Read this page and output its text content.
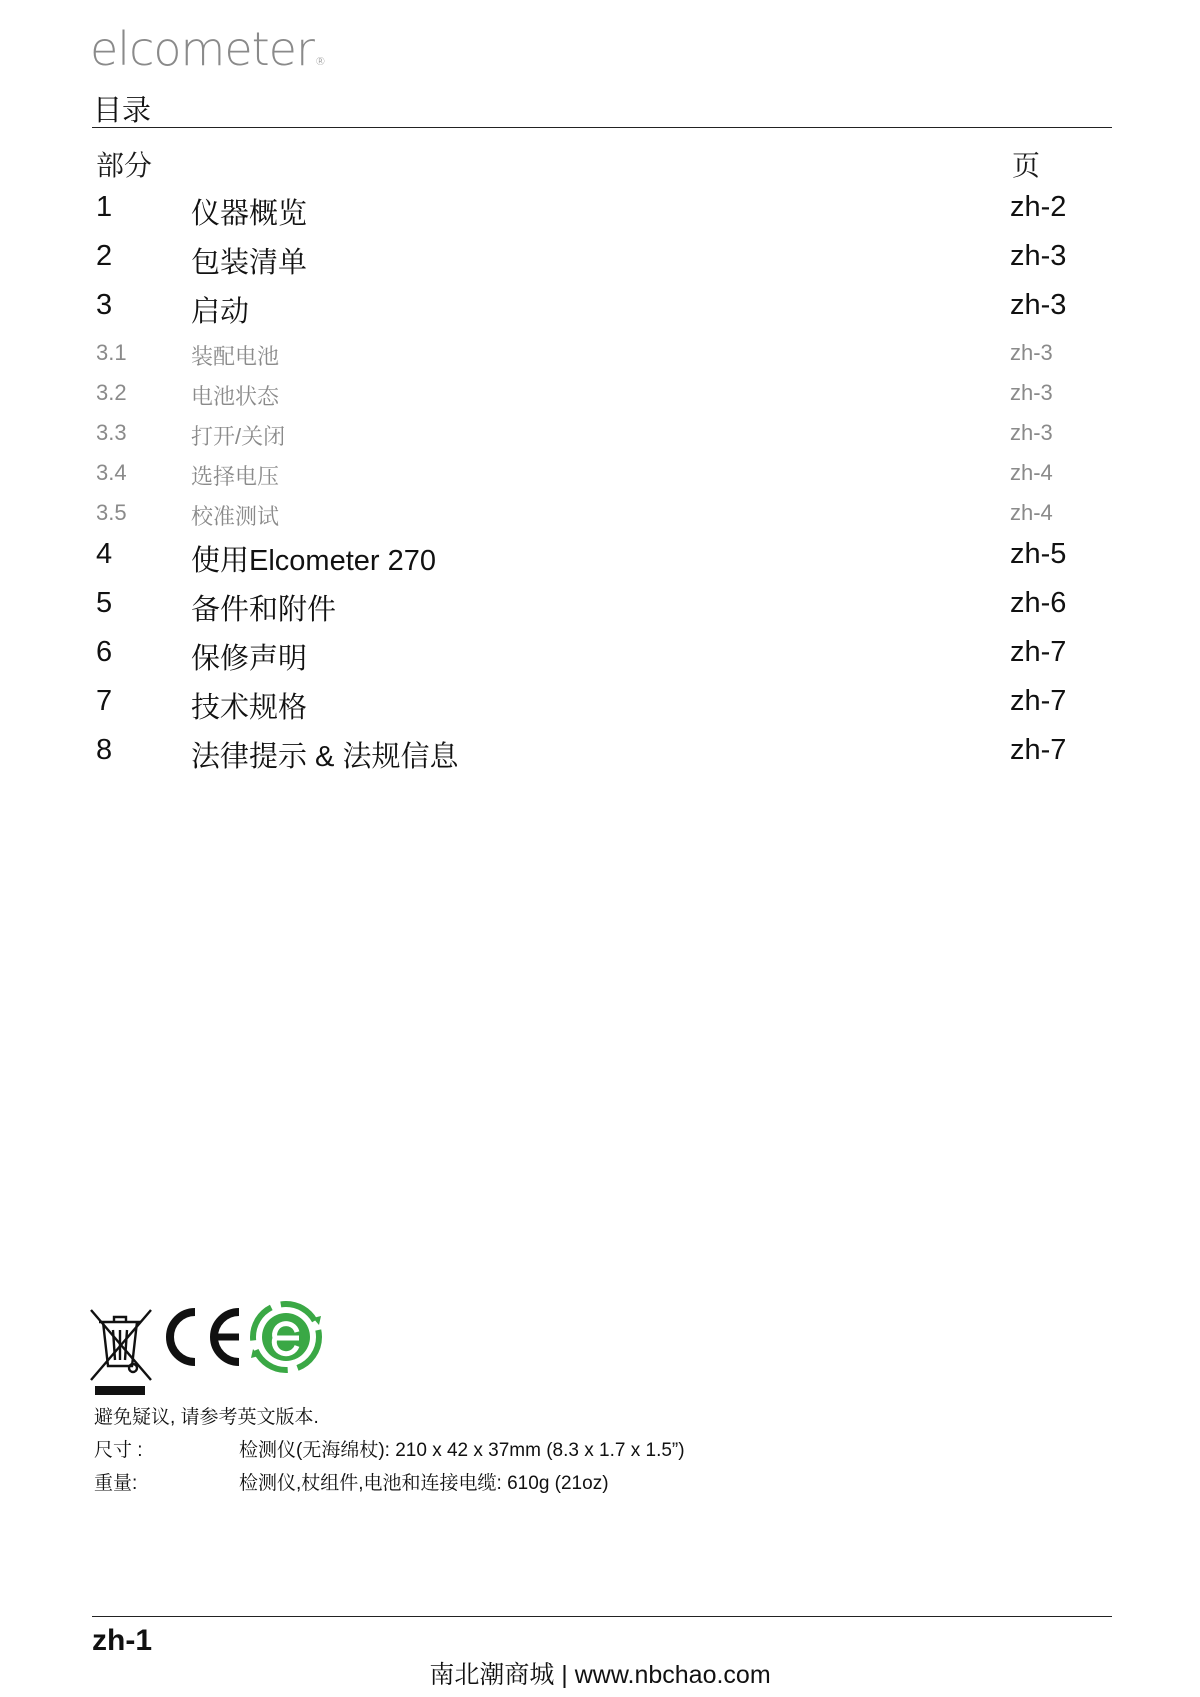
elcometer®
目录
部分	页
1	仪器概览	zh-2
2	包装清单	zh-3
3	启动	zh-3
3.1	装配电池	zh-3
3.2	电池状态	zh-3
3.3	打开/关闭	zh-3
3.4	选择电压	zh-4
3.5	校准测试	zh-4
4	使用Elcometer 270	zh-5
5	备件和附件	zh-6
6	保修声明	zh-7
7	技术规格	zh-7
8	法律提示 & 法规信息	zh-7
避免疑议, 请参考英文版本.
尺寸 :	检测仪(无海绵杖): 210 x 42 x 37mm (8.3 x 1.7 x 1.5”)
重量:	检测仪,杖组件,电池和连接电缆: 610g (21oz)
zh-1
南北潮商城 | www.nbchao.com
